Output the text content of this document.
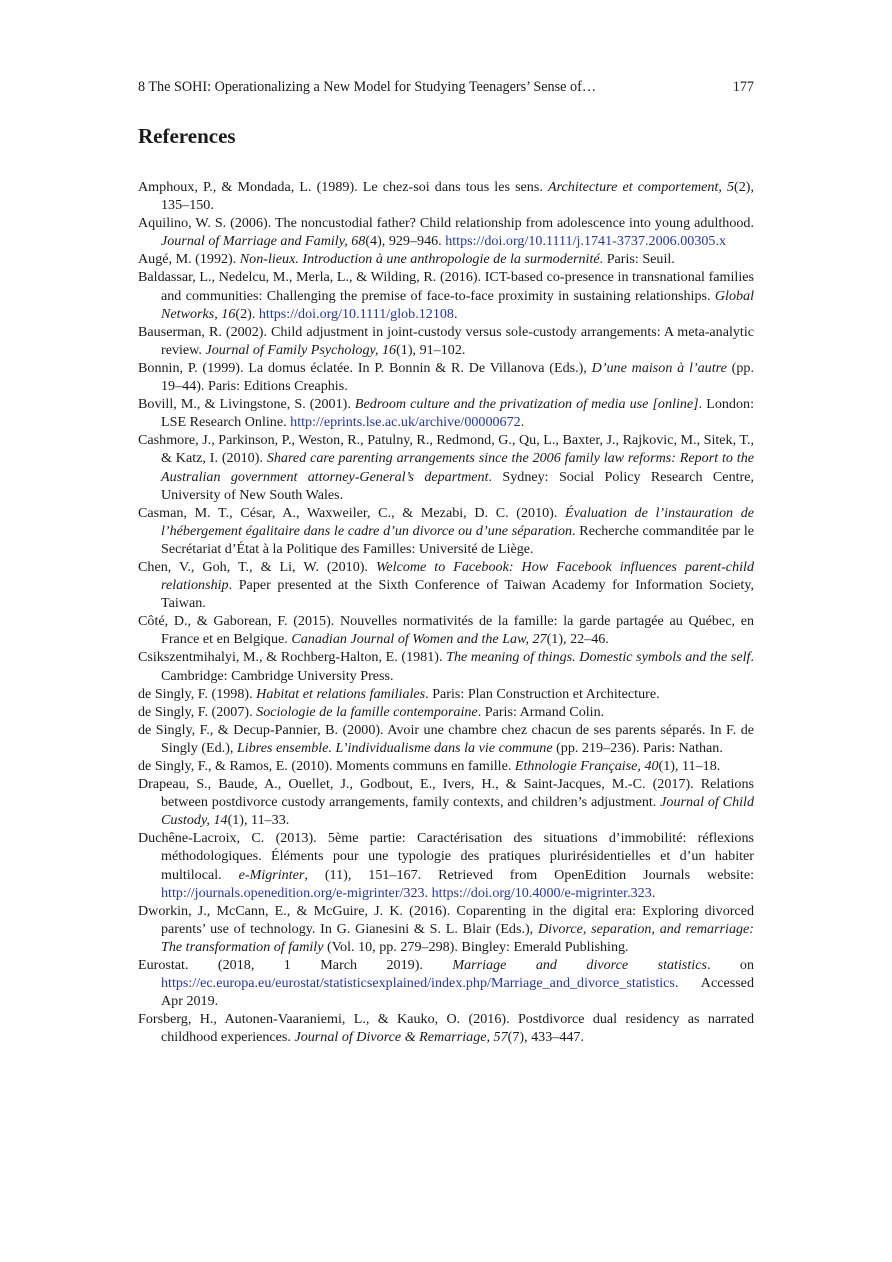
8 The SOHI: Operationalizing a New Model for Studying Teenagers’ Sense of…	177
References
Amphoux, P., & Mondada, L. (1989). Le chez-soi dans tous les sens. Architecture et comportement, 5(2), 135–150.
Aquilino, W. S. (2006). The noncustodial father? Child relationship from adolescence into young adulthood. Journal of Marriage and Family, 68(4), 929–946. https://doi.org/10.1111/j.1741-3737.2006.00305.x
Augé, M. (1992). Non-lieux. Introduction à une anthropologie de la surmodernité. Paris: Seuil.
Baldassar, L., Nedelcu, M., Merla, L., & Wilding, R. (2016). ICT-based co-presence in transnational families and communities: Challenging the premise of face-to-face proximity in sustaining relationships. Global Networks, 16(2). https://doi.org/10.1111/glob.12108.
Bauserman, R. (2002). Child adjustment in joint-custody versus sole-custody arrangements: A meta-analytic review. Journal of Family Psychology, 16(1), 91–102.
Bonnin, P. (1999). La domus éclatée. In P. Bonnin & R. De Villanova (Eds.), D’une maison à l’autre (pp. 19–44). Paris: Editions Creaphis.
Bovill, M., & Livingstone, S. (2001). Bedroom culture and the privatization of media use [online]. London: LSE Research Online. http://eprints.lse.ac.uk/archive/00000672.
Cashmore, J., Parkinson, P., Weston, R., Patulny, R., Redmond, G., Qu, L., Baxter, J., Rajkovic, M., Sitek, T., & Katz, I. (2010). Shared care parenting arrangements since the 2006 family law reforms: Report to the Australian government attorney-General’s department. Sydney: Social Policy Research Centre, University of New South Wales.
Casman, M. T., César, A., Waxweiler, C., & Mezabi, D. C. (2010). Évaluation de l’instauration de l’hébergement égalitaire dans le cadre d’un divorce ou d’une séparation. Recherche commanditée par le Secrétariat d’État à la Politique des Familles: Université de Liège.
Chen, V., Goh, T., & Li, W. (2010). Welcome to Facebook: How Facebook influences parent-child relationship. Paper presented at the Sixth Conference of Taiwan Academy for Information Society, Taiwan.
Côté, D., & Gaborean, F. (2015). Nouvelles normativités de la famille: la garde partagée au Québec, en France et en Belgique. Canadian Journal of Women and the Law, 27(1), 22–46.
Csikszentmihalyi, M., & Rochberg-Halton, E. (1981). The meaning of things. Domestic symbols and the self. Cambridge: Cambridge University Press.
de Singly, F. (1998). Habitat et relations familiales. Paris: Plan Construction et Architecture.
de Singly, F. (2007). Sociologie de la famille contemporaine. Paris: Armand Colin.
de Singly, F., & Decup-Pannier, B. (2000). Avoir une chambre chez chacun de ses parents séparés. In F. de Singly (Ed.), Libres ensemble. L’individualisme dans la vie commune (pp. 219–236). Paris: Nathan.
de Singly, F., & Ramos, E. (2010). Moments communs en famille. Ethnologie Française, 40(1), 11–18.
Drapeau, S., Baude, A., Ouellet, J., Godbout, E., Ivers, H., & Saint-Jacques, M.-C. (2017). Relations between postdivorce custody arrangements, family contexts, and children’s adjustment. Journal of Child Custody, 14(1), 11–33.
Duchêne-Lacroix, C. (2013). 5ème partie: Caractérisation des situations d’immobilité: réflexions méthodologiques. Éléments pour une typologie des pratiques plurirésidentielles et d’un habiter multilocal. e-Migrinter, (11), 151–167. Retrieved from OpenEdition Journals website: http://journals.openedition.org/e-migrinter/323. https://doi.org/10.4000/e-migrinter.323.
Dworkin, J., McCann, E., & McGuire, J. K. (2016). Coparenting in the digital era: Exploring divorced parents’ use of technology. In G. Gianesini & S. L. Blair (Eds.), Divorce, separation, and remarriage: The transformation of family (Vol. 10, pp. 279–298). Bingley: Emerald Publishing.
Eurostat. (2018, 1 March 2019). Marriage and divorce statistics. on https://ec.europa.eu/eurostat/statisticsexplained/index.php/Marriage_and_divorce_statistics. Accessed Apr 2019.
Forsberg, H., Autonen-Vaaraniemi, L., & Kauko, O. (2016). Postdivorce dual residency as narrated childhood experiences. Journal of Divorce & Remarriage, 57(7), 433–447.
